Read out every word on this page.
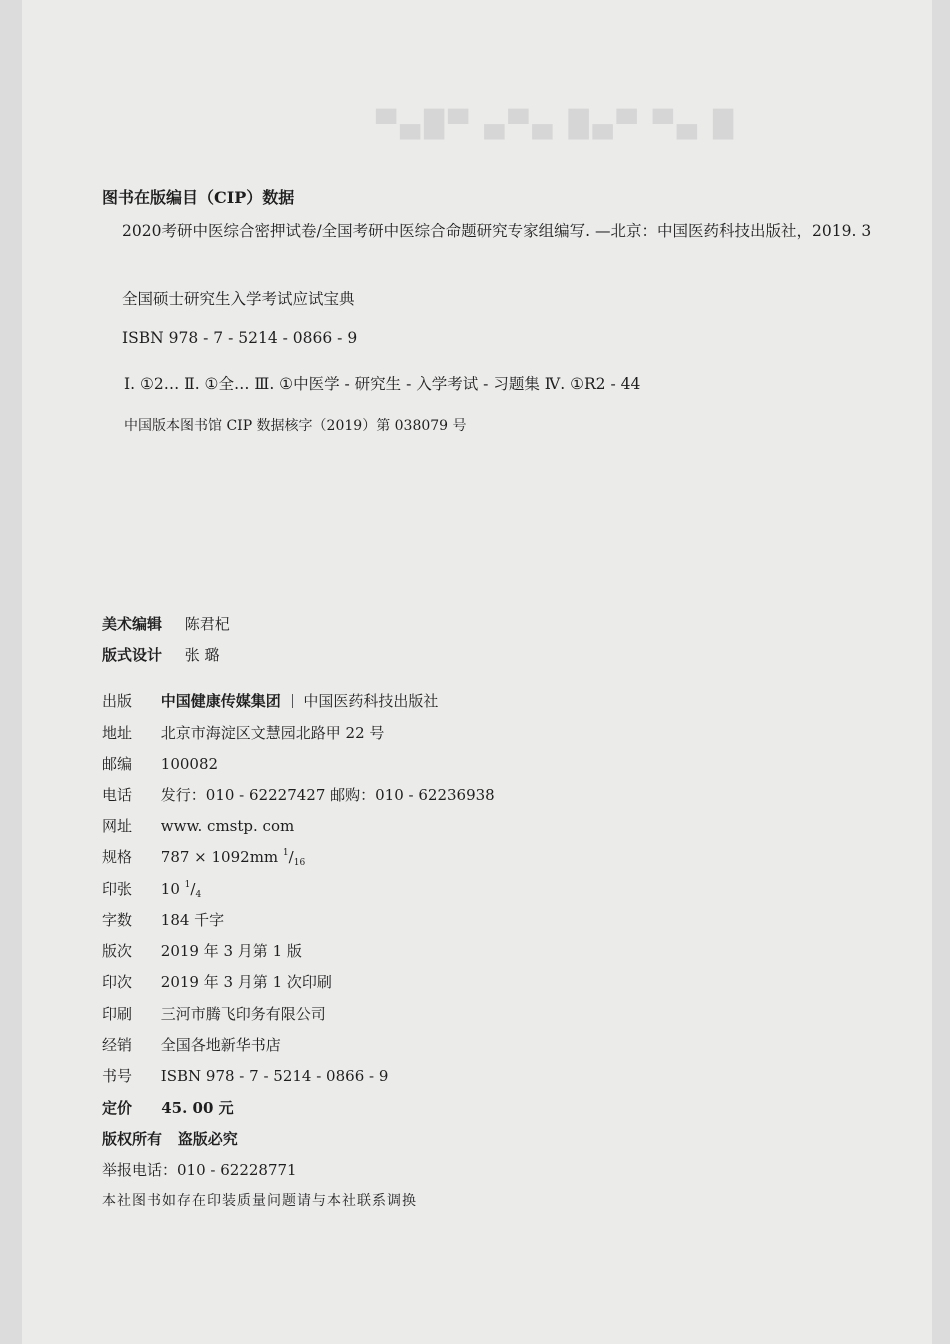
█ ▄▀ ▀▄█ ▄▀▄ ▀█▄▀
图书在版编目（CIP）数据
2020考研中医综合密押试卷/全国考研中医综合命题研究专家组编写. —北京：中国医药科技出版社，2019. 3
全国硕士研究生入学考试应试宝典
ISBN 978 - 7 - 5214 - 0866 - 9
Ⅰ. ①2… Ⅱ. ①全… Ⅲ. ①中医学 - 研究生 - 入学考试 - 习题集 Ⅳ. ①R2 - 44
中国版本图书馆 CIP 数据核字（2019）第 038079 号
美术编辑 陈君杞
版式设计 张 璐
出版 中国健康传媒集团 中国医药科技出版社
地址 北京市海淀区文慧园北路甲 22 号
邮编 100082
电话 发行：010 - 62227427 邮购：010 - 62236938
网址 www. cmstp. com
规格 787 × 1092mm $^1/_{16}$
印张 10 $^1/_4$
字数 184 千字
版次 2019 年 3 月第 1 版
印次 2019 年 3 月第 1 次印刷
印刷 三河市腾飞印务有限公司
经销 全国各地新华书店
书号 ISBN 978 - 7 - 5214 - 0866 - 9
定价 45. 00 元
版权所有 盗版必究
举报电话：010 - 62228771
本社图书如存在印装质量问题请与本社联系调换
